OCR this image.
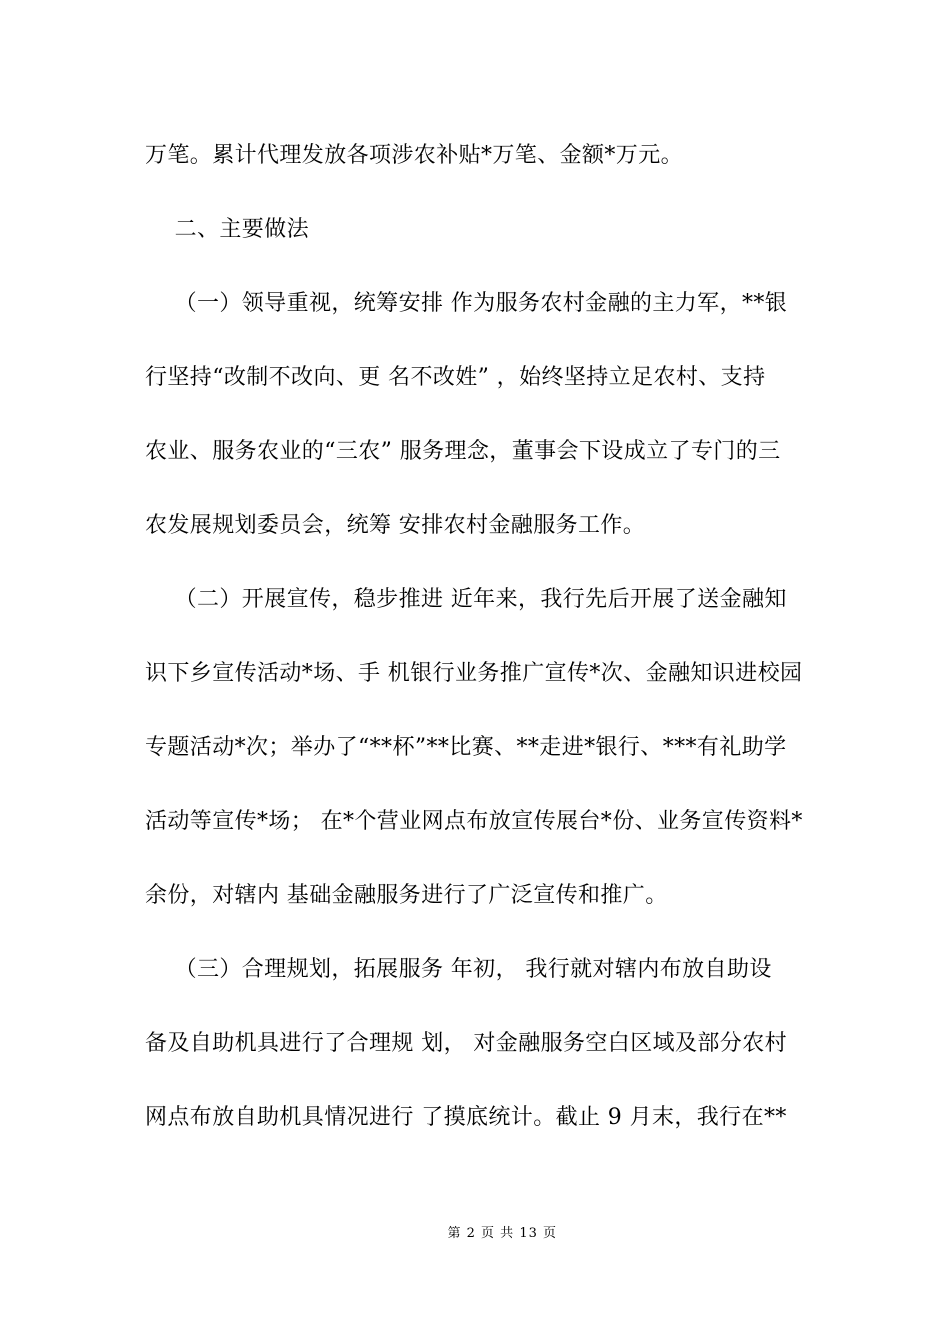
万笔。累计代理发放各项涉农补贴*万笔、金额*万元。
二、主要做法
（一）领导重视，统筹安排 作为服务农村金融的主力军，**银
行坚持“改制不改向、更 名不改姓” ，始终坚持立足农村、支持
农业、服务农业的“三农” 服务理念，董事会下设成立了专门的三
农发展规划委员会，统筹 安排农村金融服务工作。
（二）开展宣传，稳步推进 近年来，我行先后开展了送金融知
识下乡宣传活动*场、手 机银行业务推广宣传*次、金融知识进校园
专题活动*次；举办了“**杯”**比赛、**走进*银行、***有礼助学
活动等宣传*场； 在*个营业网点布放宣传展台*份、业务宣传资料*
余份，对辖内 基础金融服务进行了广泛宣传和推广。
（三）合理规划，拓展服务 年初， 我行就对辖内布放自助设
备及自助机具进行了合理规 划， 对金融服务空白区域及部分农村
网点布放自助机具情况进行 了摸底统计。截止 9 月末，我行在**

第 2 页 共 13 页
